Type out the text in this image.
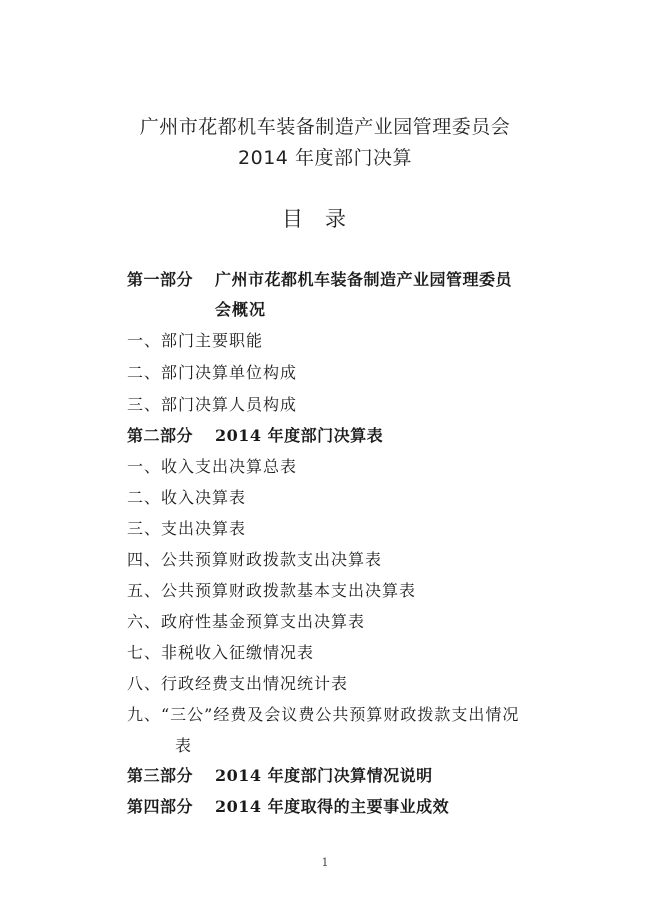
广州市花都机车装备制造产业园管理委员会
2014 年度部门决算
目录
第一部分 广州市花都机车装备制造产业园管理委员
会概况
一、部门主要职能
二、部门决算单位构成
三、部门决算人员构成
第二部分 2014 年度部门决算表
一、收入支出决算总表
二、收入决算表
三、支出决算表
四、公共预算财政拨款支出决算表
五、公共预算财政拨款基本支出决算表
六、政府性基金预算支出决算表
七、非税收入征缴情况表
八、行政经费支出情况统计表
九、“三公”经费及会议费公共预算财政拨款支出情况
表
第三部分 2014 年度部门决算情况说明
第四部分 2014 年度取得的主要事业成效
1
